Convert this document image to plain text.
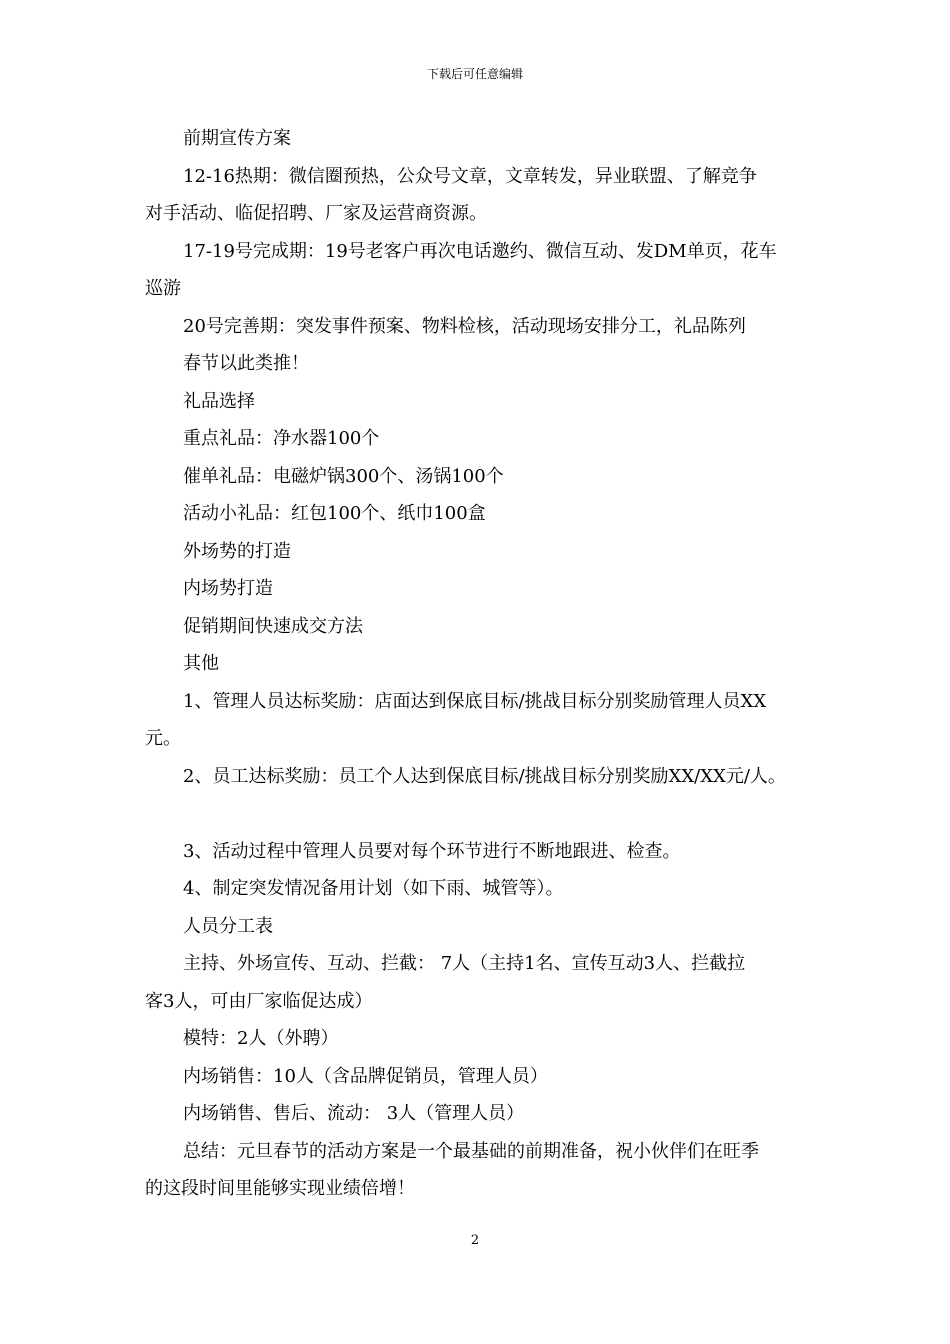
下载后可任意编辑
前期宣传方案
12-16热期：微信圈预热，公众号文章，文章转发，异业联盟、了解竞争
对手活动、临促招聘、厂家及运营商资源。
17-19号完成期：19号老客户再次电话邀约、微信互动、发DM单页，花车
巡游
20号完善期：突发事件预案、物料检核，活动现场安排分工，礼品陈列
春节以此类推！
礼品选择
重点礼品：净水器100个
催单礼品：电磁炉锅300个、汤锅100个
活动小礼品：红包100个、纸巾100盒
外场势的打造
内场势打造
促销期间快速成交方法
其他
1、管理人员达标奖励：店面达到保底目标/挑战目标分别奖励管理人员XX
元。
2、员工达标奖励：员工个人达到保底目标/挑战目标分别奖励XX/XX元/人。
3、活动过程中管理人员要对每个环节进行不断地跟进、检查。
4、制定突发情况备用计划（如下雨、城管等）。
人员分工表
主持、外场宣传、互动、拦截： 7人（主持1名、宣传互动3人、拦截拉
客3人，可由厂家临促达成）
模特：2人（外聘）
内场销售：10人（含品牌促销员，管理人员）
内场销售、售后、流动： 3人（管理人员）
总结：元旦春节的活动方案是一个最基础的前期准备，祝小伙伴们在旺季
的这段时间里能够实现业绩倍增！
2
